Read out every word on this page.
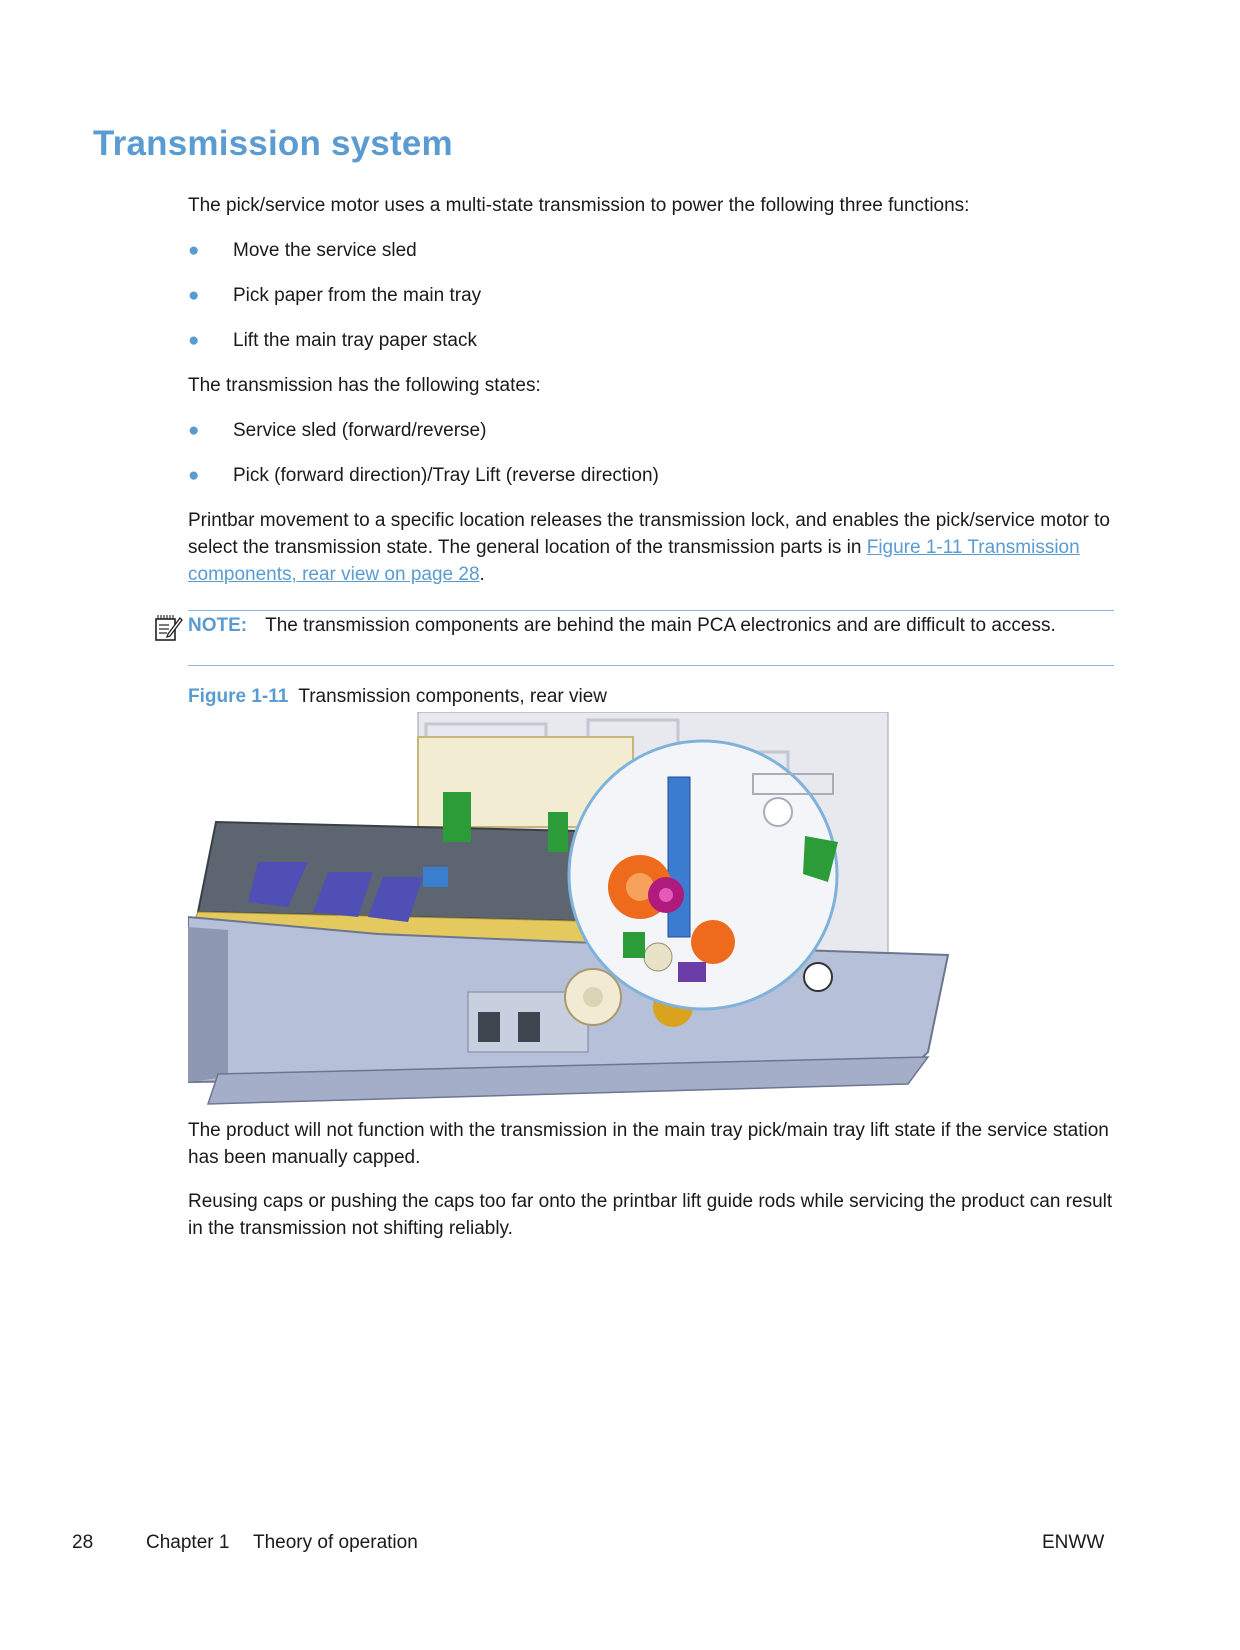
Transmission system

The pick/service motor uses a multi-state transmission to power the following three functions:

● Move the service sled
● Pick paper from the main tray
● Lift the main tray paper stack

The transmission has the following states:

● Service sled (forward/reverse)
● Pick (forward direction)/Tray Lift (reverse direction)

Printbar movement to a specific location releases the transmission lock, and enables the pick/service motor to select the transmission state. The general location of the transmission parts is in Figure 1-11 Transmission components, rear view on page 28.

NOTE: The transmission components are behind the main PCA electronics and are difficult to access.
Figure 1-11 Transmission components, rear view

The product will not function with the transmission in the main tray pick/main tray lift state if the service station has been manually capped.

Reusing caps or pushing the caps too far onto the printbar lift guide rods while servicing the product can result in the transmission not shifting reliably.

28	Chapter 1 Theory of operation	ENWW
